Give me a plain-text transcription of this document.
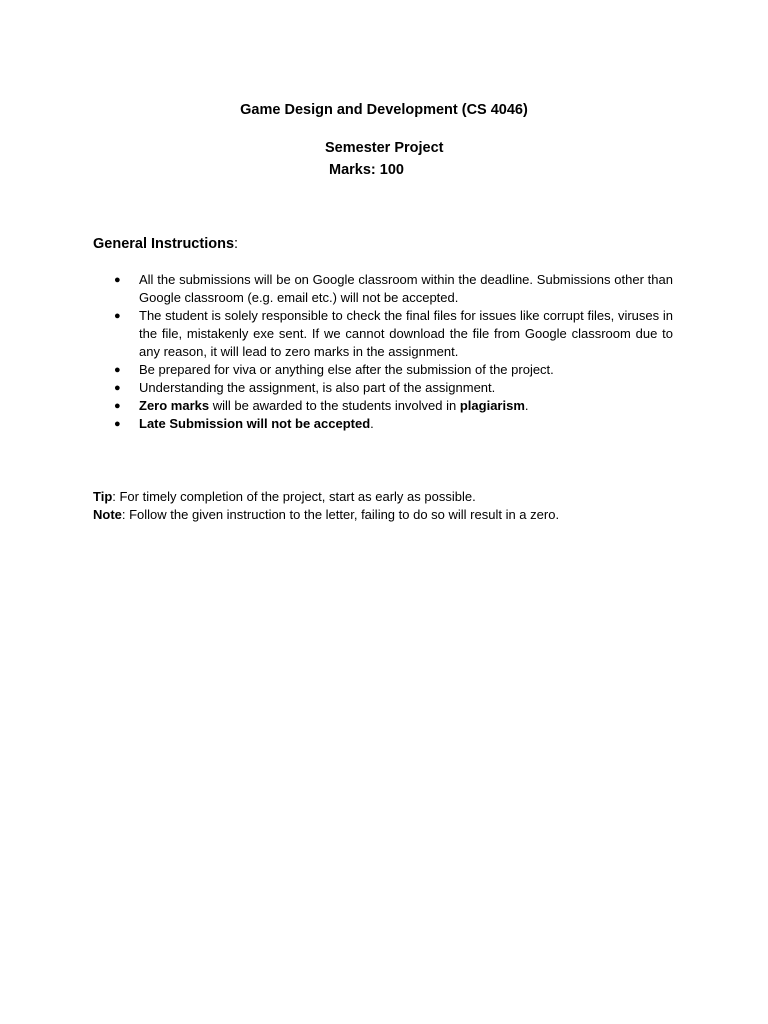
Game Design and Development (CS 4046)
Semester Project
Marks: 100
General Instructions:
● All the submissions will be on Google classroom within the deadline. Submissions other than Google classroom (e.g. email etc.) will not be accepted.
● The student is solely responsible to check the final files for issues like corrupt files, viruses in the file, mistakenly exe sent. If we cannot download the file from Google classroom due to any reason, it will lead to zero marks in the assignment.
● Be prepared for viva or anything else after the submission of the project.
● Understanding the assignment, is also part of the assignment.
● Zero marks will be awarded to the students involved in plagiarism.
● Late Submission will not be accepted.
Tip: For timely completion of the project, start as early as possible.
Note: Follow the given instruction to the letter, failing to do so will result in a zero.
